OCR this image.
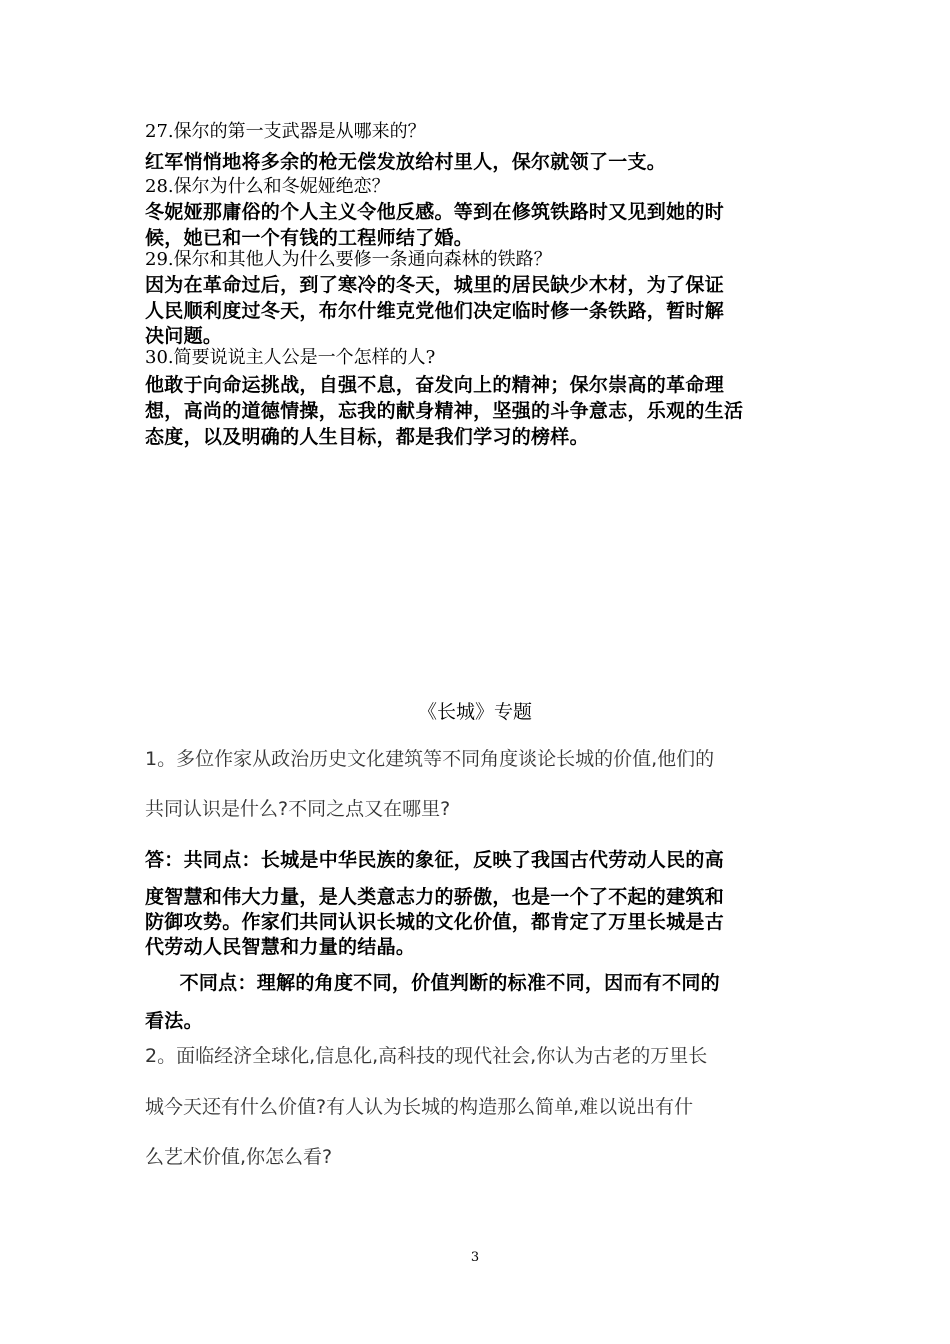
27.保尔的第一支武器是从哪来的？
红军悄悄地将多余的枪无偿发放给村里人，保尔就领了一支。
28.保尔为什么和冬妮娅绝恋？
冬妮娅那庸俗的个人主义令他反感。等到在修筑铁路时又见到她的时
候，她已和一个有钱的工程师结了婚。
29.保尔和其他人为什么要修一条通向森林的铁路？
因为在革命过后，到了寒冷的冬天，城里的居民缺少木材，为了保证
人民顺利度过冬天，布尔什维克党他们决定临时修一条铁路，暂时解
决问题。
30.简要说说主人公是一个怎样的人?
他敢于向命运挑战，自强不息，奋发向上的精神；保尔崇高的革命理
想，高尚的道德情操，忘我的献身精神，坚强的斗争意志，乐观的生活
态度，以及明确的人生目标，都是我们学习的榜样。
《长城》专题
1。多位作家从政治历史文化建筑等不同角度谈论长城的价值,他们的
共同认识是什么?不同之点又在哪里?
答：共同点：长城是中华民族的象征，反映了我国古代劳动人民的高
度智慧和伟大力量，是人类意志力的骄傲，也是一个了不起的建筑和
防御攻势。作家们共同认识长城的文化价值，都肯定了万里长城是古
代劳动人民智慧和力量的结晶。
不同点：理解的角度不同，价值判断的标准不同，因而有不同的
看法。
2。面临经济全球化,信息化,高科技的现代社会,你认为古老的万里长
城今天还有什么价值?有人认为长城的构造那么简单,难以说出有什
么艺术价值,你怎么看?
3
